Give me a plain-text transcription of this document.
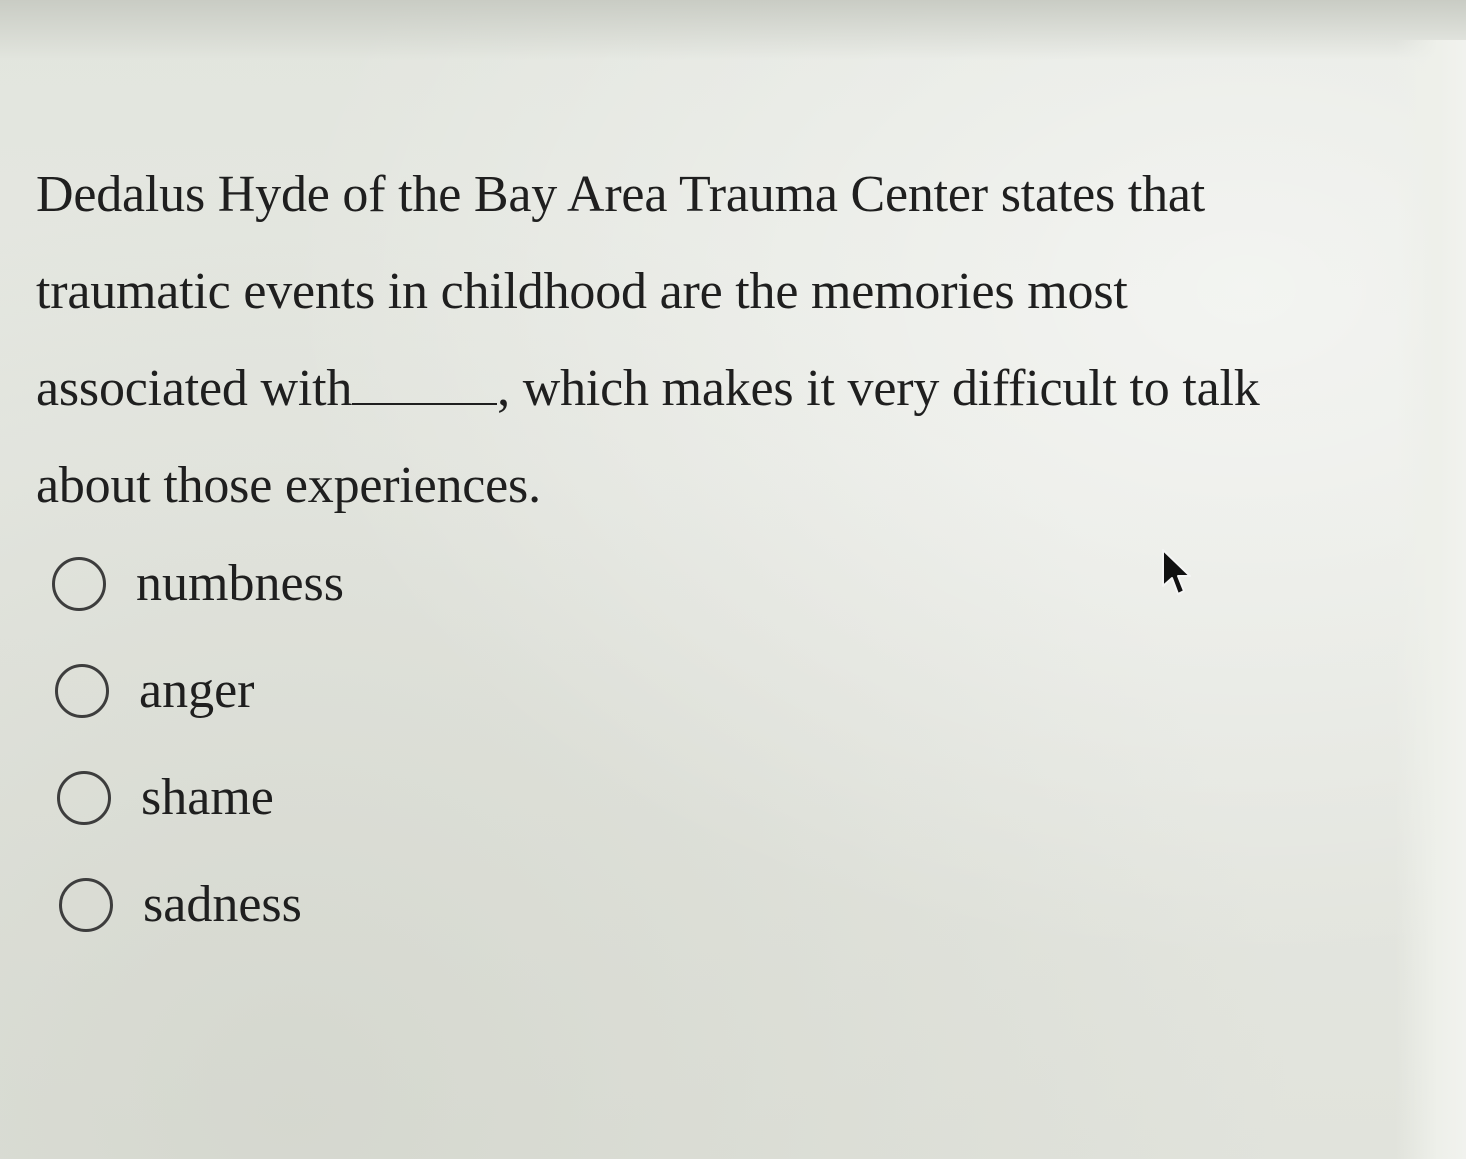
Dedalus Hyde of the Bay Area Trauma Center states that traumatic events in childhood are the memories most associated with	, which makes it very difficult to talk about those experiences.

numbness
anger
shame
sadness
